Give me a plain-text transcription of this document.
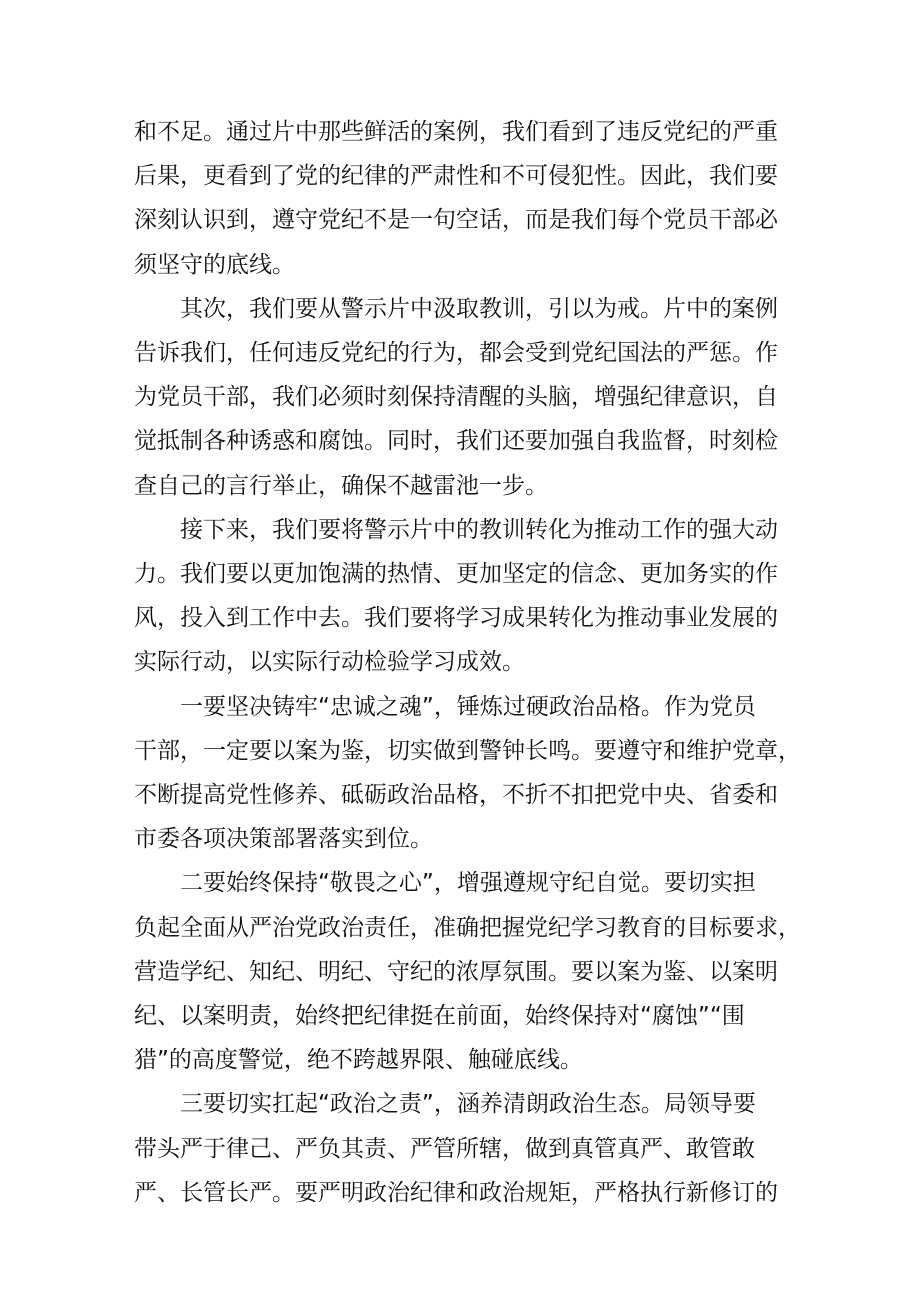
和不足。通过片中那些鲜活的案例，我们看到了违反党纪的严重
后果，更看到了党的纪律的严肃性和不可侵犯性。因此，我们要
深刻认识到，遵守党纪不是一句空话，而是我们每个党员干部必
须坚守的底线。
　　其次，我们要从警示片中汲取教训，引以为戒。片中的案例
告诉我们，任何违反党纪的行为，都会受到党纪国法的严惩。作
为党员干部，我们必须时刻保持清醒的头脑，增强纪律意识，自
觉抵制各种诱惑和腐蚀。同时，我们还要加强自我监督，时刻检
查自己的言行举止，确保不越雷池一步。
　　接下来，我们要将警示片中的教训转化为推动工作的强大动
力。我们要以更加饱满的热情、更加坚定的信念、更加务实的作
风，投入到工作中去。我们要将学习成果转化为推动事业发展的
实际行动，以实际行动检验学习成效。
　　一要坚决铸牢“忠诚之魂”，锤炼过硬政治品格。作为党员
干部，一定要以案为鉴，切实做到警钟长鸣。要遵守和维护党章，
不断提高党性修养、砥砺政治品格，不折不扣把党中央、省委和
市委各项决策部署落实到位。
　　二要始终保持“敬畏之心”，增强遵规守纪自觉。要切实担
负起全面从严治党政治责任，准确把握党纪学习教育的目标要求，
营造学纪、知纪、明纪、守纪的浓厚氛围。要以案为鉴、以案明
纪、以案明责，始终把纪律挺在前面，始终保持对“腐蚀”“围
猎”的高度警觉，绝不跨越界限、触碰底线。
　　三要切实扛起“政治之责”，涵养清朗政治生态。局领导要
带头严于律己、严负其责、严管所辖，做到真管真严、敢管敢
严、长管长严。要严明政治纪律和政治规矩，严格执行新修订的
